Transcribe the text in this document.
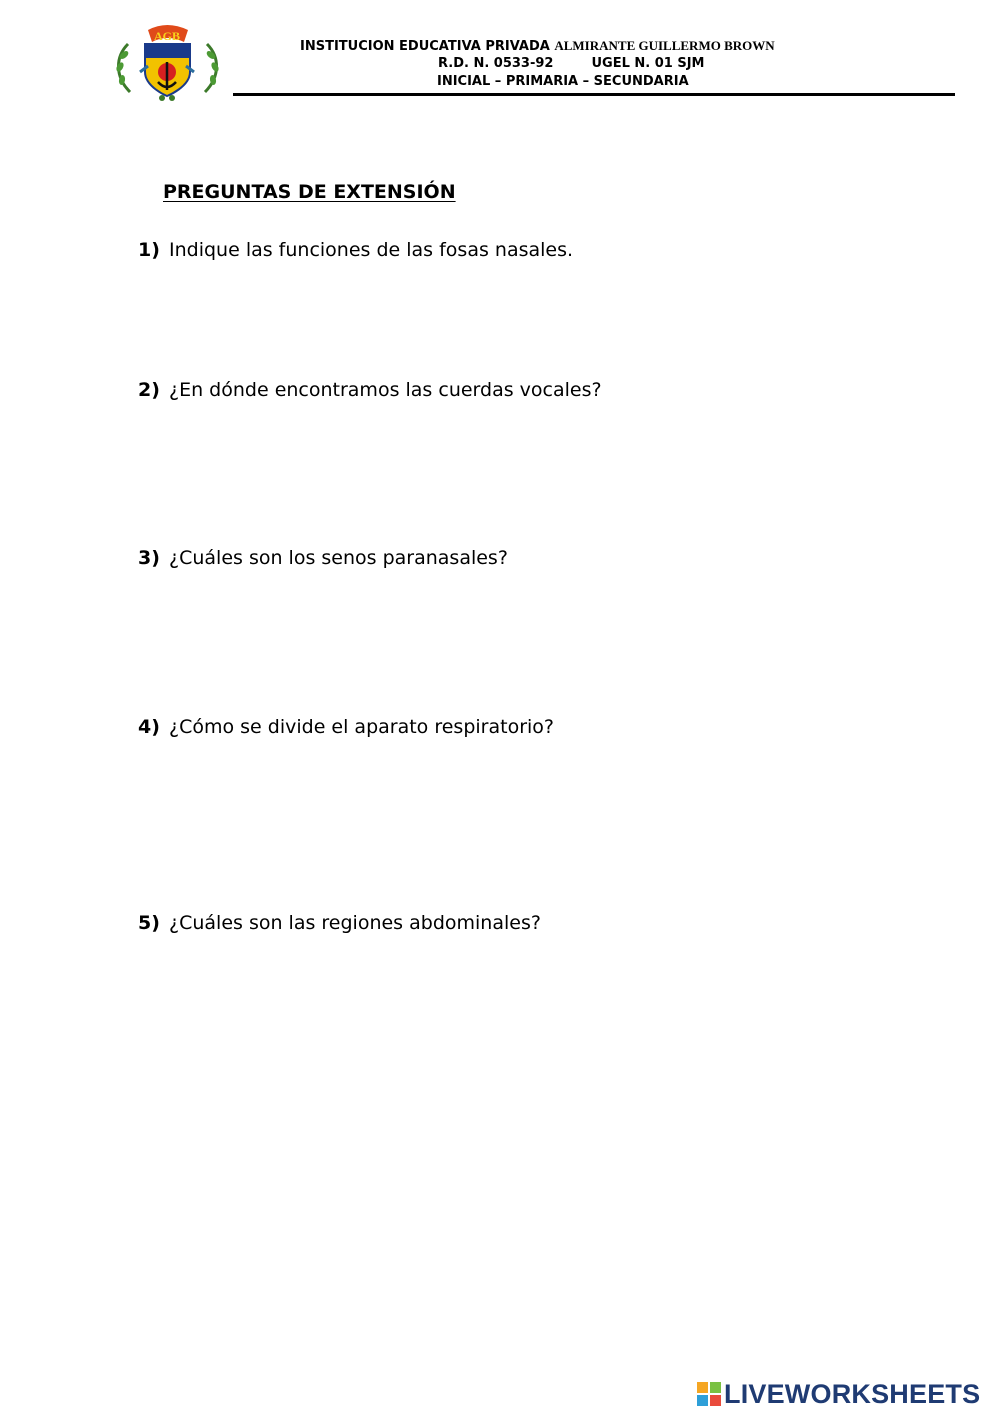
AGB
INSTITUCION EDUCATIVA PRIVADA ALMIRANTE GUILLERMO BROWN
R.D. N. 0533-92	UGEL N. 01 SJM
INICIAL – PRIMARIA – SECUNDARIA
PREGUNTAS DE EXTENSIÓN
1) Indique las funciones de las fosas nasales.
2) ¿En dónde encontramos las cuerdas vocales?
3) ¿Cuáles son los senos paranasales?
4) ¿Cómo se divide el aparato respiratorio?
5) ¿Cuáles son las regiones abdominales?
LIVEWORKSHEETS
